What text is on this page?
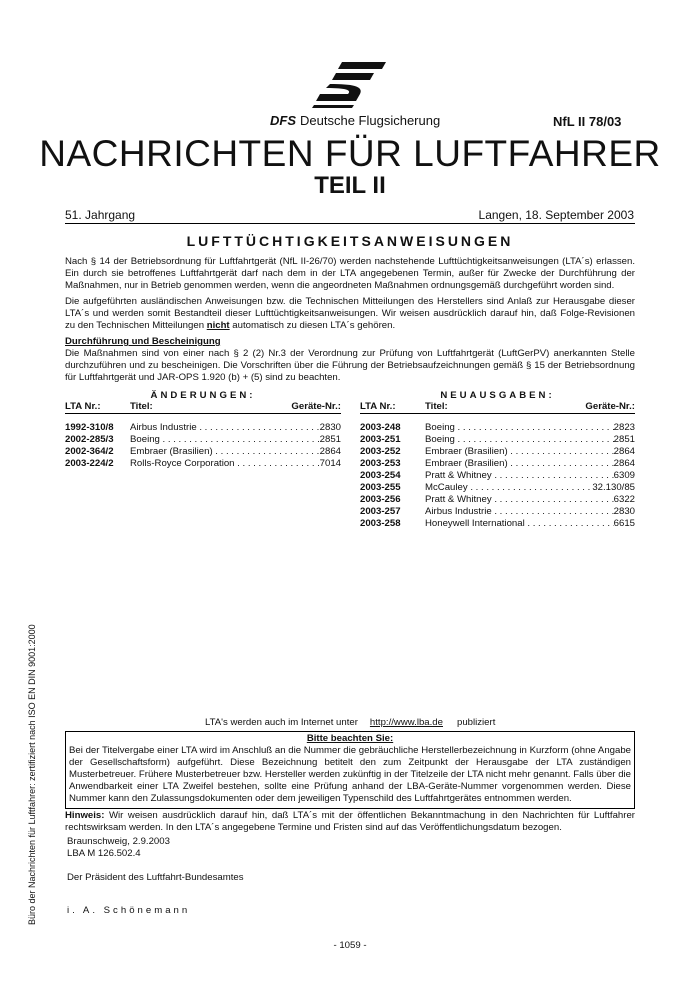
DFS Deutsche Flugsicherung	NfL II 78/03
NACHRICHTEN FÜR LUFTFAHRER
TEIL II
51. Jahrgang	Langen, 18. September 2003
LUFTTÜCHTIGKEITSANWEISUNGEN
Nach § 14 der Betriebsordnung für Luftfahrtgerät (NfL II-26/70) werden nachstehende Lufttüchtigkeitsanweisungen (LTA´s) erlassen. Ein durch sie betroffenes Luftfahrtgerät darf nach dem in der LTA angegebenen Termin, außer für Zwecke der Durchführung der Maßnahmen, nur in Betrieb genommen werden, wenn die angeordneten Maßnahmen ordnungsgemäß durchgeführt worden sind.
Die aufgeführten ausländischen Anweisungen bzw. die Technischen Mitteilungen des Herstellers sind Anlaß zur Herausgabe dieser LTA´s und werden somit Bestandteil dieser Lufttüchtigkeitsanweisungen. Wir weisen ausdrücklich darauf hin, daß Folge-Revisionen zu den Technischen Mitteilungen nicht automatisch zu diesen LTA´s gehören.
Durchführung und Bescheinigung
Die Maßnahmen sind von einer nach § 2 (2) Nr.3 der Verordnung zur Prüfung von Luftfahrtgerät (LuftGerPV) anerkannten Stelle durchzuführen und zu bescheinigen. Die Vorschriften über die Führung der Betriebsaufzeichnungen gemäß § 15 der Betriebsordnung für Luftfahrtgerät und JAR-OPS 1.920 (b) + (5) sind zu beachten.
ÄNDERUNGEN:
LTA Nr.:	Titel:	Geräte-Nr.:
1992-310/8	Airbus Industrie . . .	2830
2002-285/3	Boeing . . .	2851
2002-364/2	Embraer (Brasilien) . . .	2864
2003-224/2	Rolls-Royce Corporation . . .	7014
NEUAUSGABEN:
LTA Nr.:	Titel:	Geräte-Nr.:
2003-248	Boeing . . .	2823
2003-251	Boeing . . .	2851
2003-252	Embraer (Brasilien) . . .	2864
2003-253	Embraer (Brasilien) . . .	2864
2003-254	Pratt & Whitney . . .	6309
2003-255	McCauley . . .	32.130/85
2003-256	Pratt & Whitney . . .	6322
2003-257	Airbus Industrie . . .	2830
2003-258	Honeywell International . . .	6615
LTA's werden auch im Internet unter http://www.lba.de publiziert
Bitte beachten Sie:
Bei der Titelvergabe einer LTA wird im Anschluß an die Nummer die gebräuchliche Herstellerbezeichnung in Kurzform (ohne Angabe der Gesellschaftsform) aufgeführt. Diese Bezeichnung betitelt den zum Zeitpunkt der Herausgabe der LTA zuständigen Musterbetreuer. Frühere Musterbetreuer bzw. Hersteller werden zukünftig in der Titelzeile der LTA nicht mehr genannt. Falls über die Anwendbarkeit einer LTA Zweifel bestehen, sollte eine Prüfung anhand der LBA-Geräte-Nummer vorgenommen werden. Diese Nummer kann den Zulassungsdokumenten oder dem jeweiligen Typenschild des Luftfahrtgerätes entnommen werden.
Hinweis: Wir weisen ausdrücklich darauf hin, daß LTA´s mit der öffentlichen Bekanntmachung in den Nachrichten für Luftfahrer rechtswirksam werden. In den LTA´s angegebene Termine und Fristen sind auf das Veröffentlichungsdatum bezogen.
Braunschweig, 2.9.2003
LBA M 126.502.4
Der Präsident des Luftfahrt-Bundesamtes
i. A. Schönemann
- 1059 -
Büro der Nachrichten für Luftfahrer: zertifiziert nach ISO EN DIN 9001:2000
